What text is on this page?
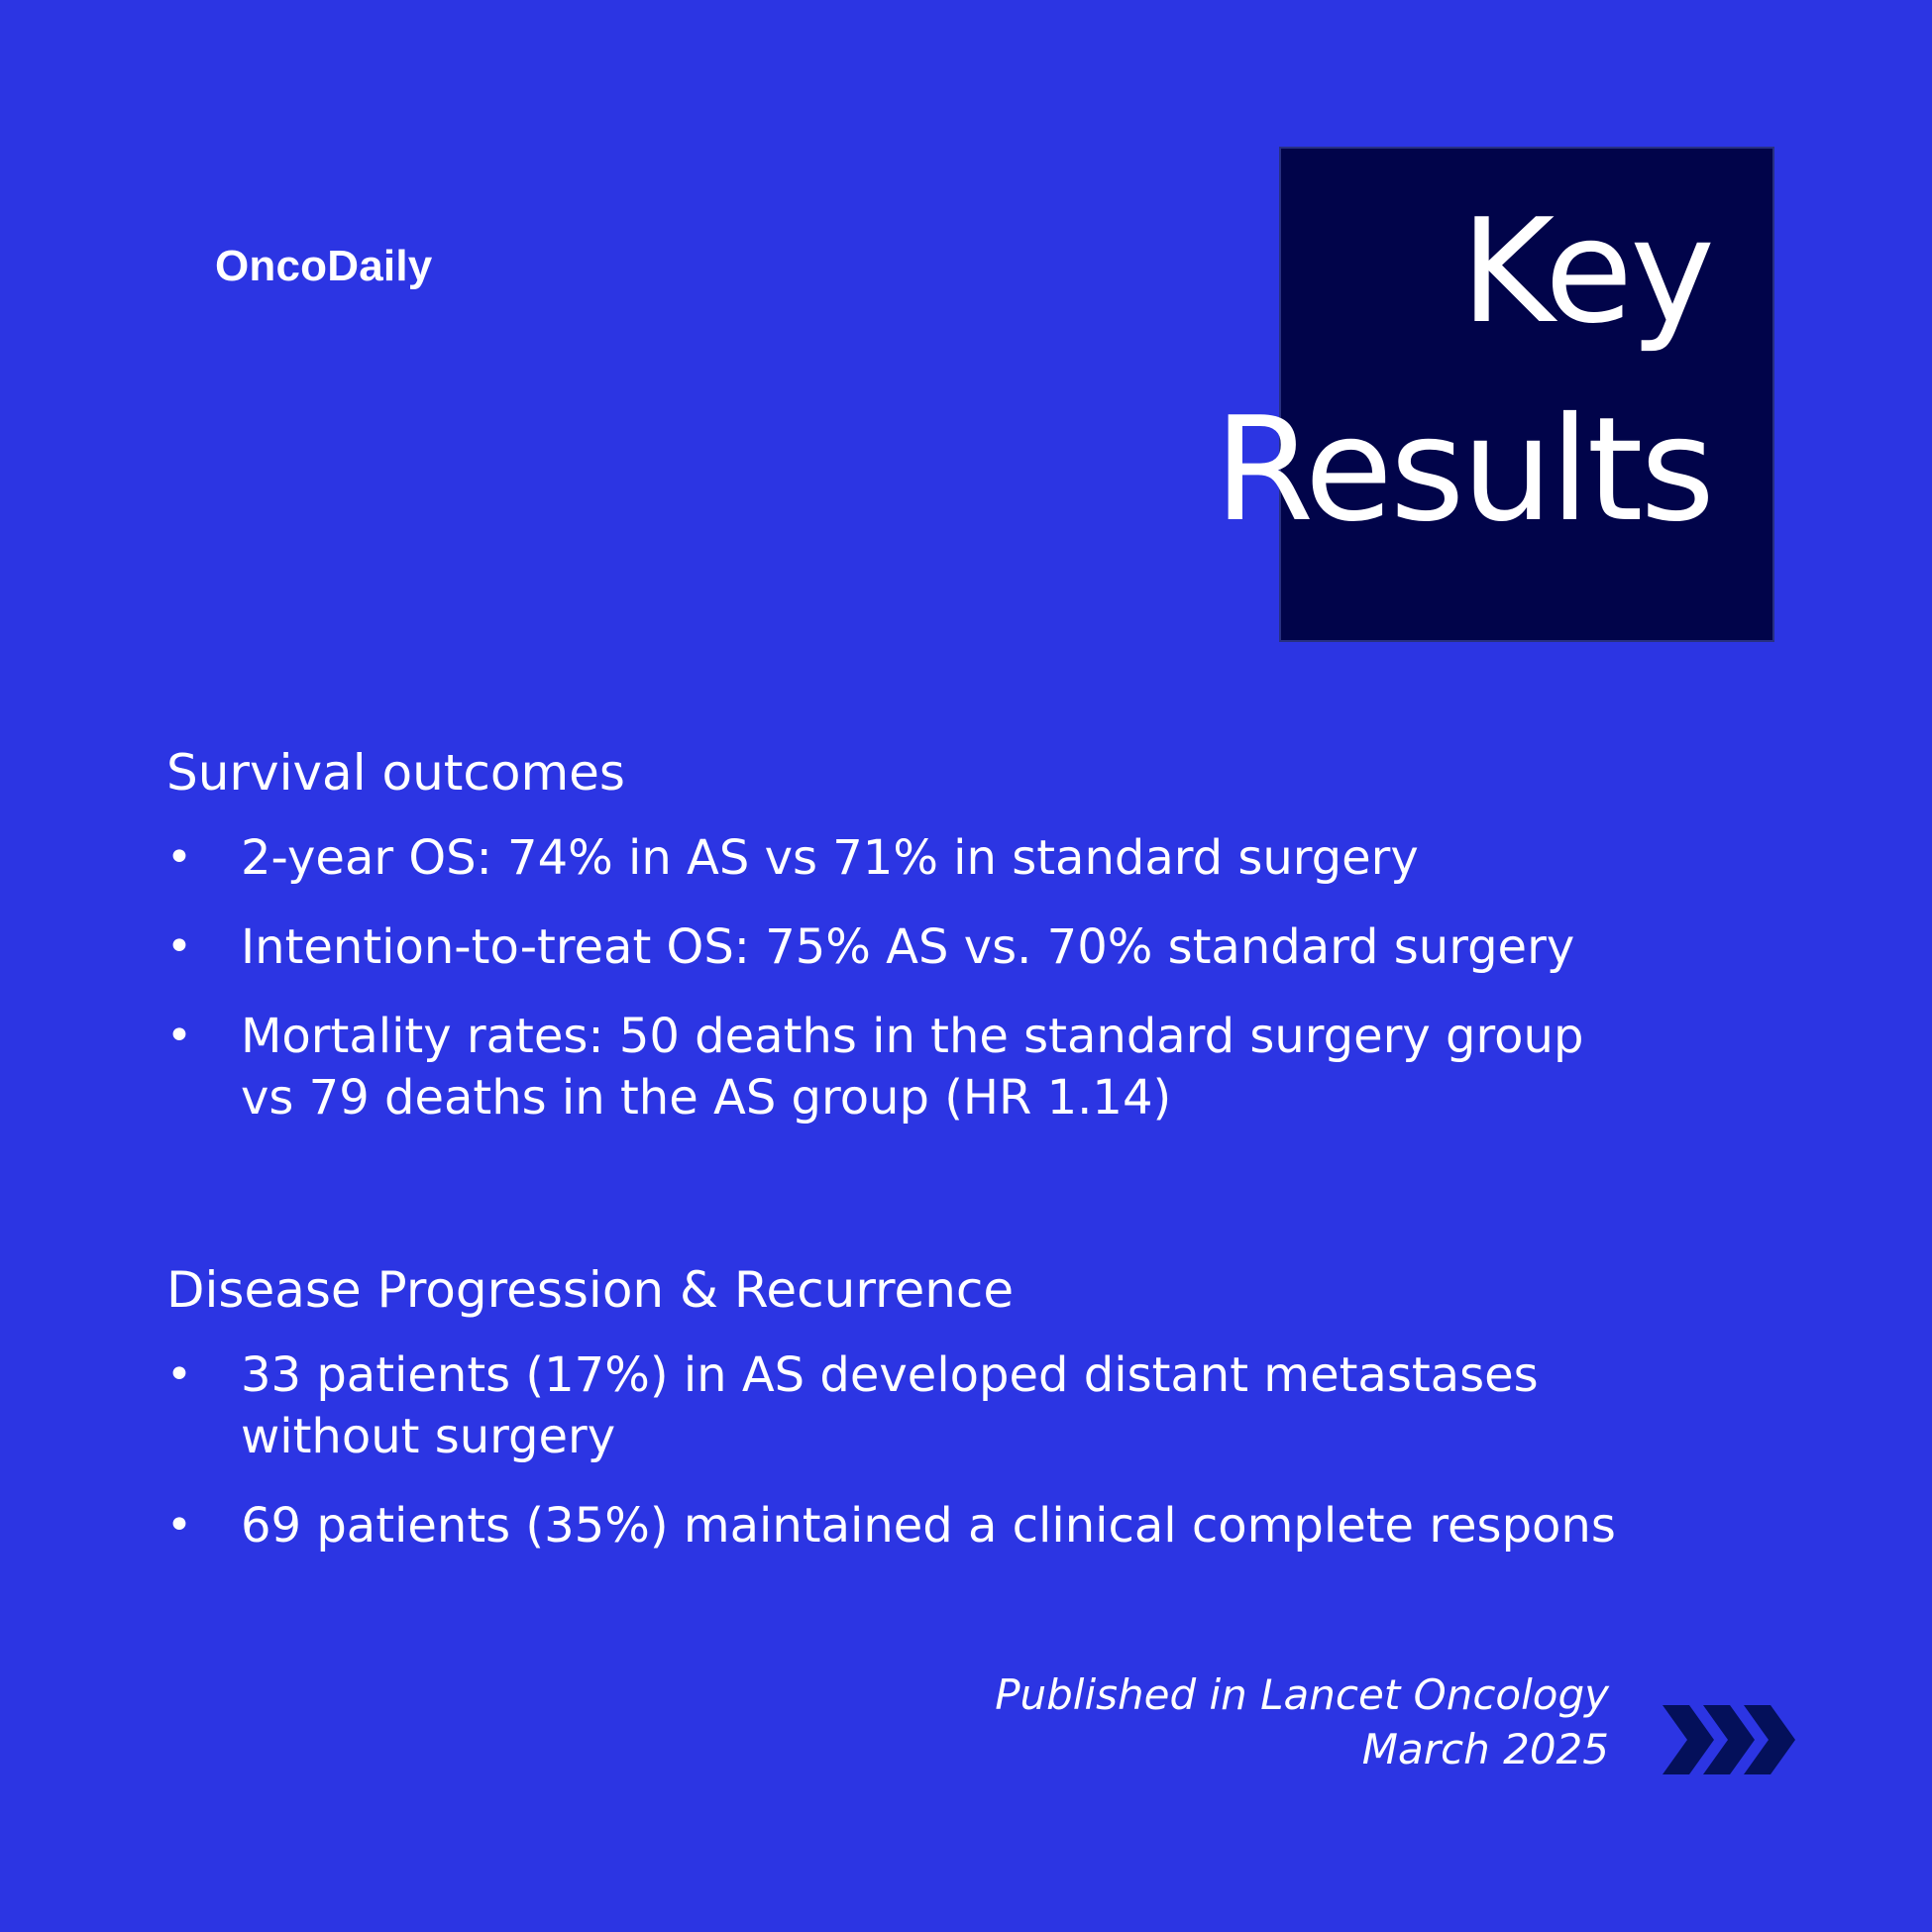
OncoDaily	Key
Results
Survival outcomes
• 2-year OS: 74% in AS vs 71% in standard surgery
• Intention-to-treat OS: 75% AS vs. 70% standard surgery
• Mortality rates: 50 deaths in the standard surgery group vs 79 deaths in the AS group (HR 1.14)
Disease Progression & Recurrence
• 33 patients (17%) in AS developed distant metastases without surgery
• 69 patients (35%) maintained a clinical complete respons
Published in Lancet Oncology
March 2025
